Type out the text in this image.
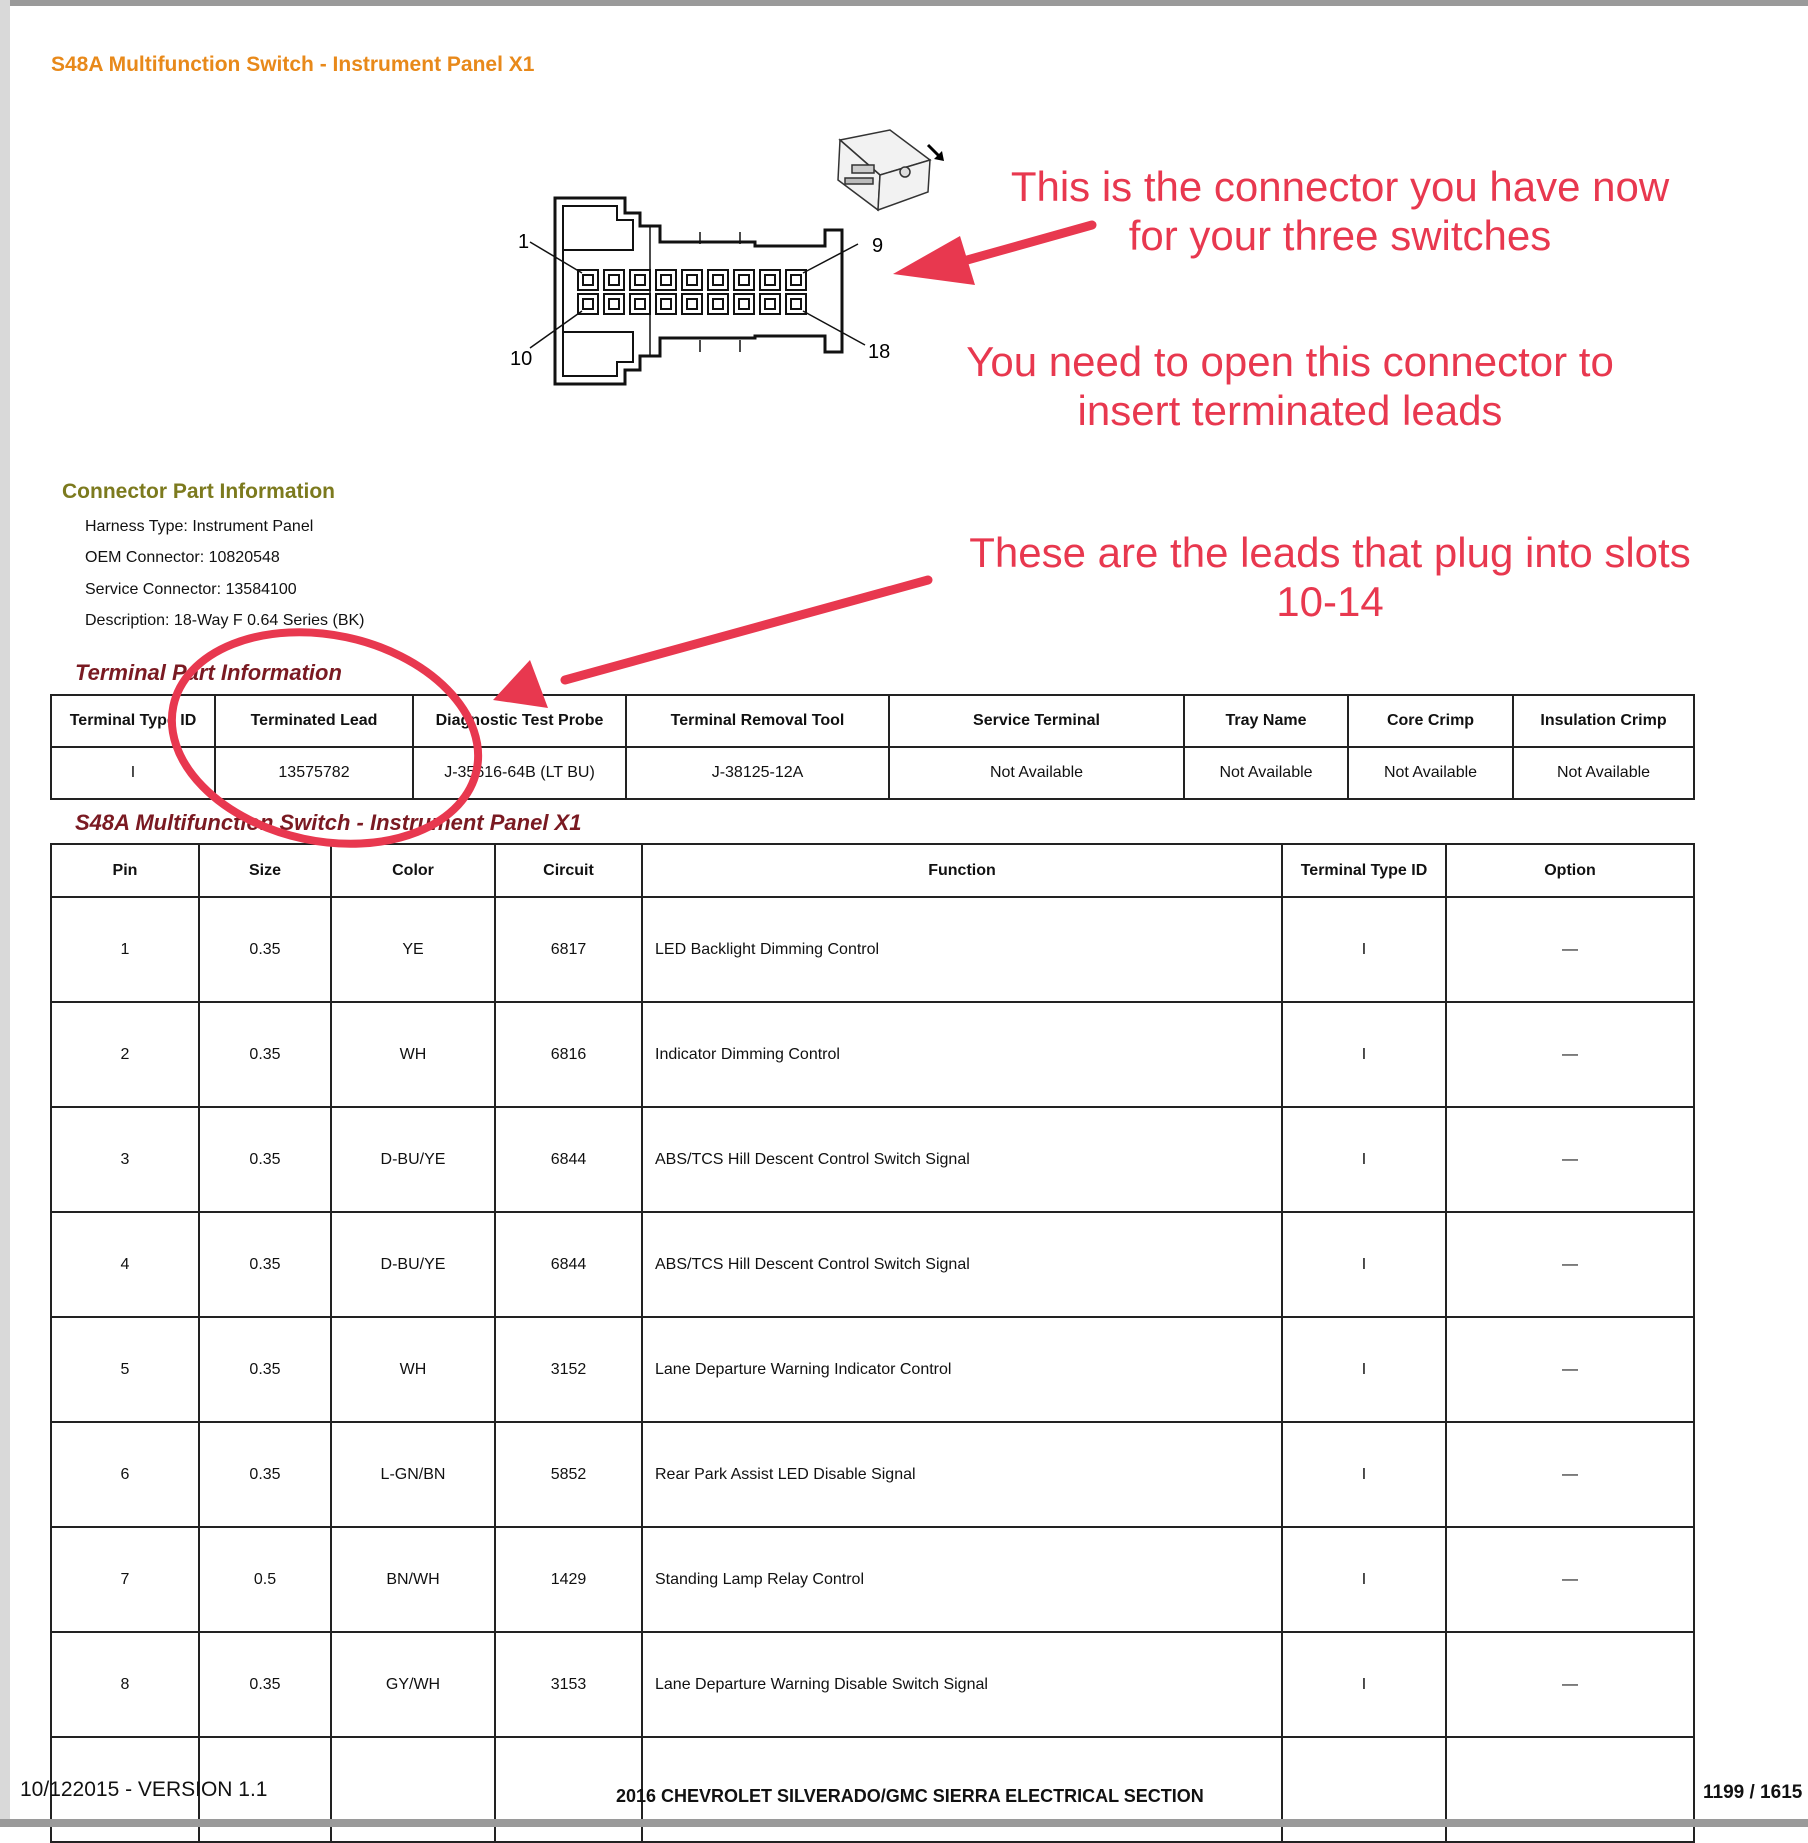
S48A Multifunction Switch - Instrument Panel X1
1	9
10	18
This is the connector you have now
for your three switches
You need to open this connector to
insert terminated leads
These are the leads that plug into slots
10-14
Connector Part Information
Harness Type: Instrument Panel
OEM Connector: 10820548
Service Connector: 13584100
Description: 18-Way F 0.64 Series (BK)
Terminal Part Information
Terminal Type ID	Terminated Lead	Diagnostic Test Probe	Terminal Removal Tool	Service Terminal	Tray Name	Core Crimp	Insulation Crimp
I	13575782	J-35616-64B (LT BU)	J-38125-12A	Not Available	Not Available	Not Available	Not Available
S48A Multifunction Switch - Instrument Panel X1
Pin	Size	Color	Circuit	Function	Terminal Type ID	Option
1	0.35	YE	6817	LED Backlight Dimming Control	I	—
2	0.35	WH	6816	Indicator Dimming Control	I	—
3	0.35	D-BU/YE	6844	ABS/TCS Hill Descent Control Switch Signal	I	—
4	0.35	D-BU/YE	6844	ABS/TCS Hill Descent Control Switch Signal	I	—
5	0.35	WH	3152	Lane Departure Warning Indicator Control	I	—
6	0.35	L-GN/BN	5852	Rear Park Assist LED Disable Signal	I	—
7	0.5	BN/WH	1429	Standing Lamp Relay Control	I	—
8	0.35	GY/WH	3153	Lane Departure Warning Disable Switch Signal	I	—

10/122015 - VERSION 1.1	2016 CHEVROLET SILVERADO/GMC SIERRA ELECTRICAL SECTION	1199 / 1615
